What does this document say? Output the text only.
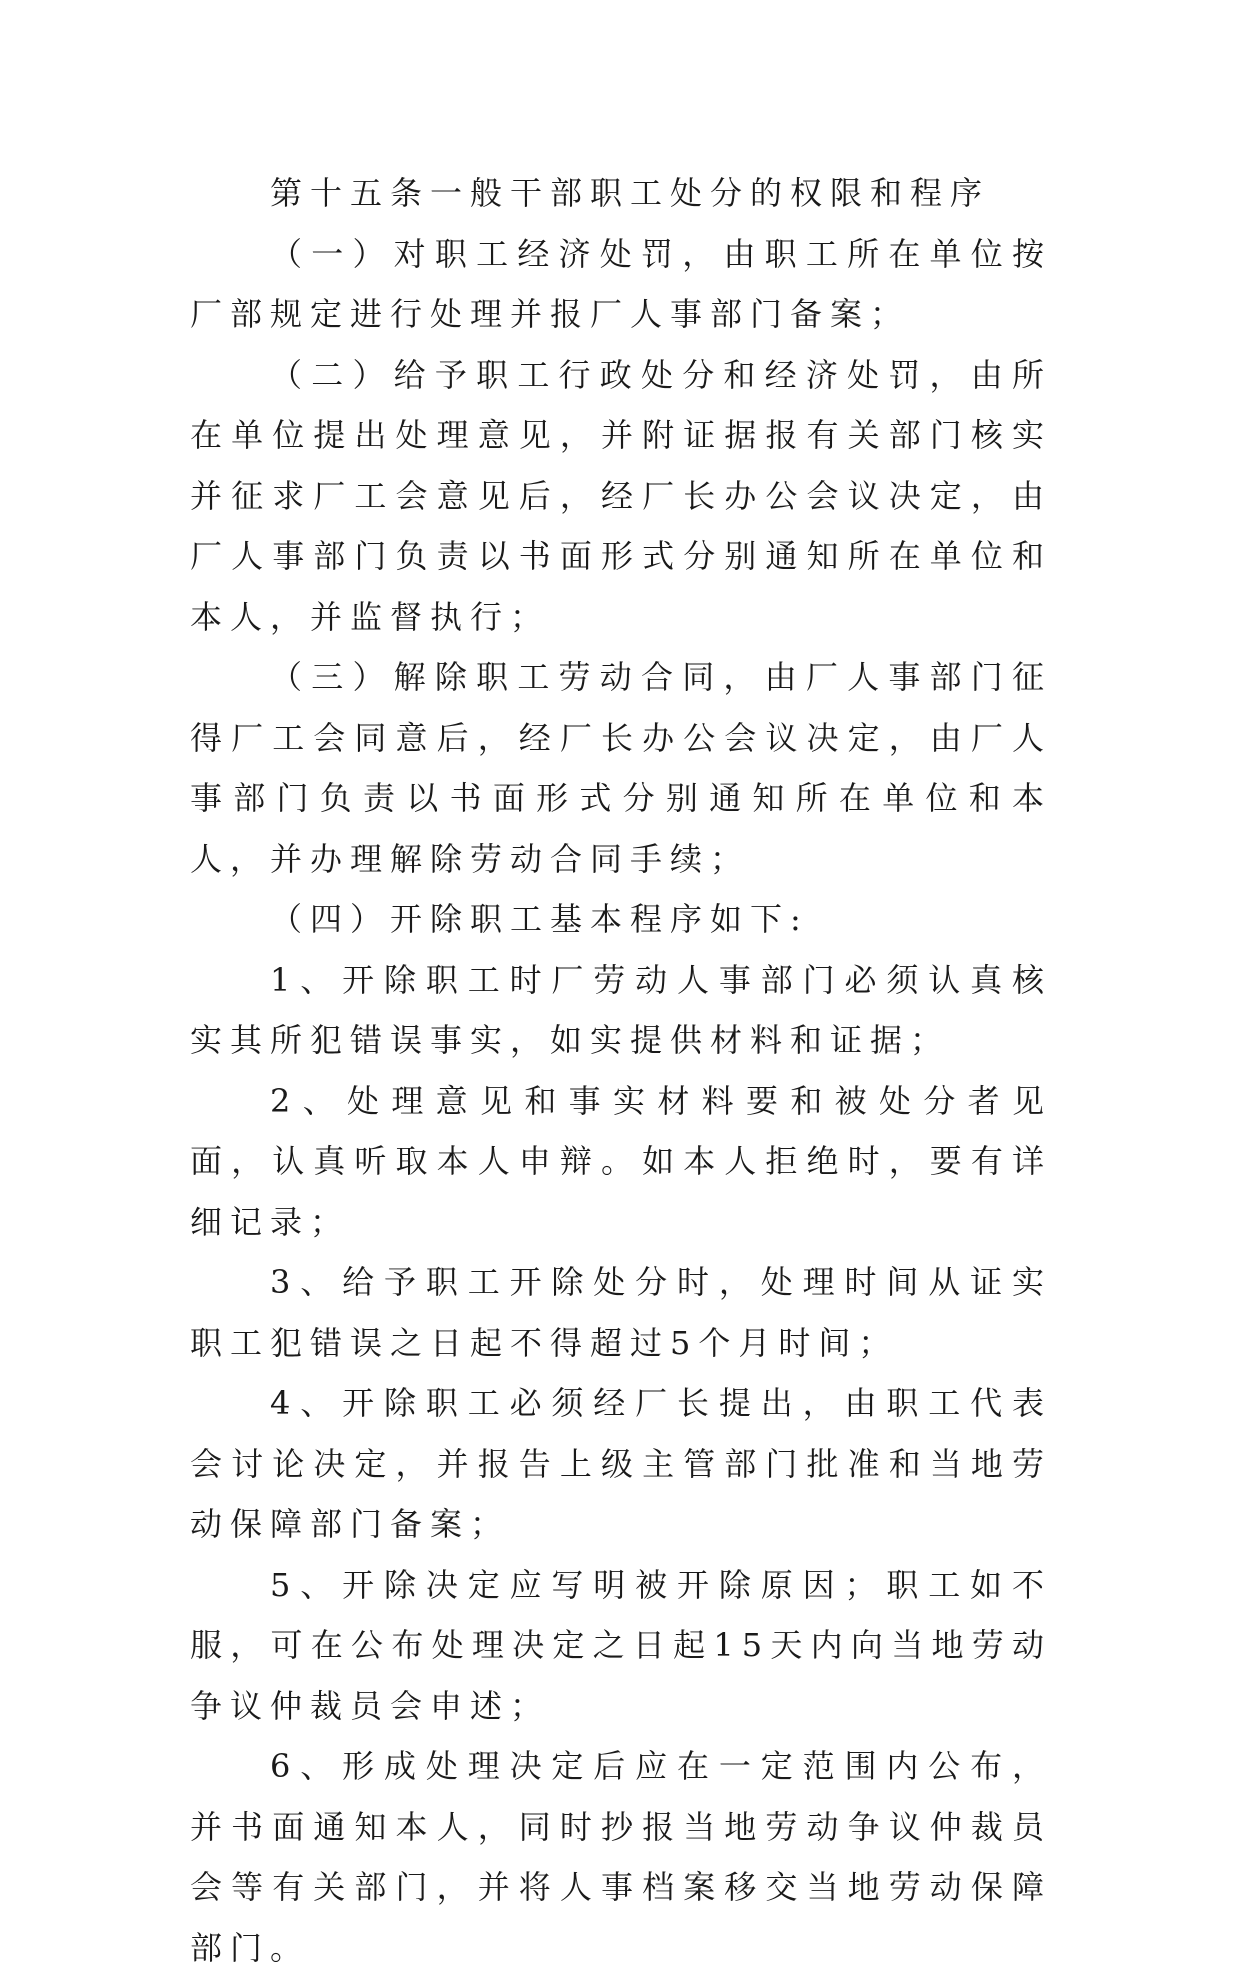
第十五条一般干部职工处分的权限和程序

（一）对职工经济处罚，由职工所在单位按厂部规定进行处理并报厂人事部门备案；

（二）给予职工行政处分和经济处罚，由所在单位提出处理意见，并附证据报有关部门核实并征求厂工会意见后，经厂长办公会议决定，由厂人事部门负责以书面形式分别通知所在单位和本人，并监督执行；

（三）解除职工劳动合同，由厂人事部门征得厂工会同意后，经厂长办公会议决定，由厂人事部门负责以书面形式分别通知所在单位和本人，并办理解除劳动合同手续；

（四）开除职工基本程序如下:

1、开除职工时厂劳动人事部门必须认真核实其所犯错误事实，如实提供材料和证据；

2、处理意见和事实材料要和被处分者见面，认真听取本人申辩。如本人拒绝时，要有详细记录；

3、给予职工开除处分时，处理时间从证实职工犯错误之日起不得超过5个月时间；

4、开除职工必须经厂长提出，由职工代表会讨论决定，并报告上级主管部门批准和当地劳动保障部门备案；

5、开除决定应写明被开除原因；职工如不服，可在公布处理决定之日起15天内向当地劳动争议仲裁员会申述；

6、形成处理决定后应在一定范围内公布，并书面通知本人，同时抄报当地劳动争议仲裁员会等有关部门，并将人事档案移交当地劳动保障部门。
